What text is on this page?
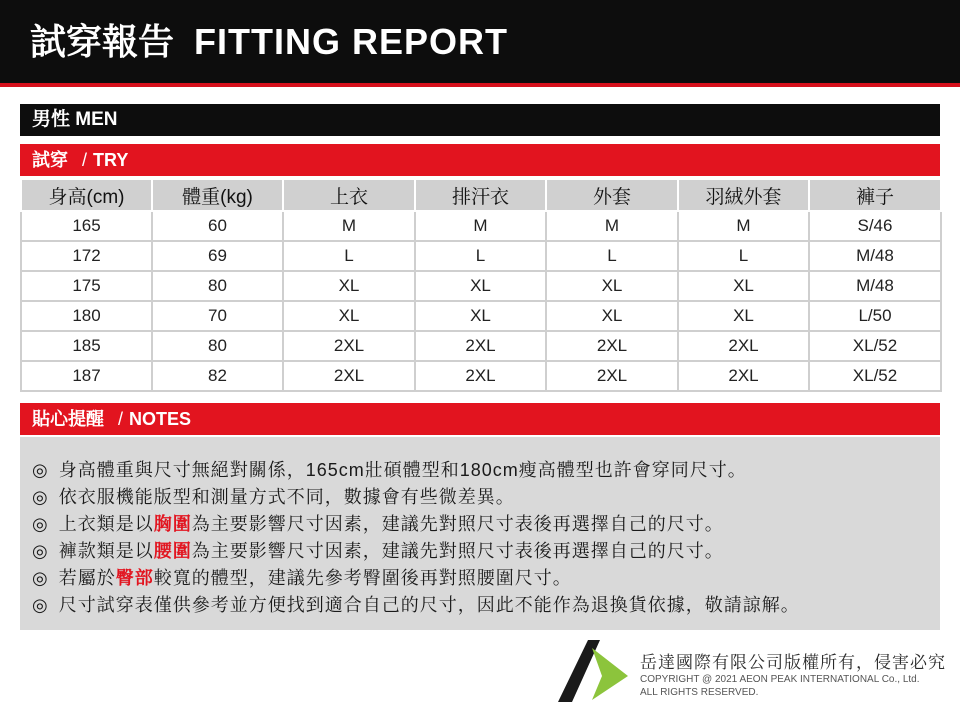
試穿報告 FITTING REPORT
男性 MEN
試穿 / TRY
身高(cm)	體重(kg)	上衣	排汗衣	外套	羽絨外套	褲子
165	60	M	M	M	M	S/46
172	69	L	L	L	L	M/48
175	80	XL	XL	XL	XL	M/48
180	70	XL	XL	XL	XL	L/50
185	80	2XL	2XL	2XL	2XL	XL/52
187	82	2XL	2XL	2XL	2XL	XL/52
貼心提醒 / NOTES
◎ 身高體重與尺寸無絕對關係，165cm壯碩體型和180cm瘦高體型也許會穿同尺寸。
◎ 依衣服機能版型和測量方式不同，數據會有些微差異。
◎ 上衣類是以胸圍為主要影響尺寸因素，建議先對照尺寸表後再選擇自己的尺寸。
◎ 褲款類是以腰圍為主要影響尺寸因素，建議先對照尺寸表後再選擇自己的尺寸。
◎ 若屬於臀部較寬的體型，建議先參考臀圍後再對照腰圍尺寸。
◎ 尺寸試穿表僅供參考並方便找到適合自己的尺寸，因此不能作為退換貨依據，敬請諒解。
岳達國際有限公司版權所有，侵害必究
COPYRIGHT @ 2021 AEON PEAK INTERNATIONAL Co., Ltd.
ALL RIGHTS RESERVED.
